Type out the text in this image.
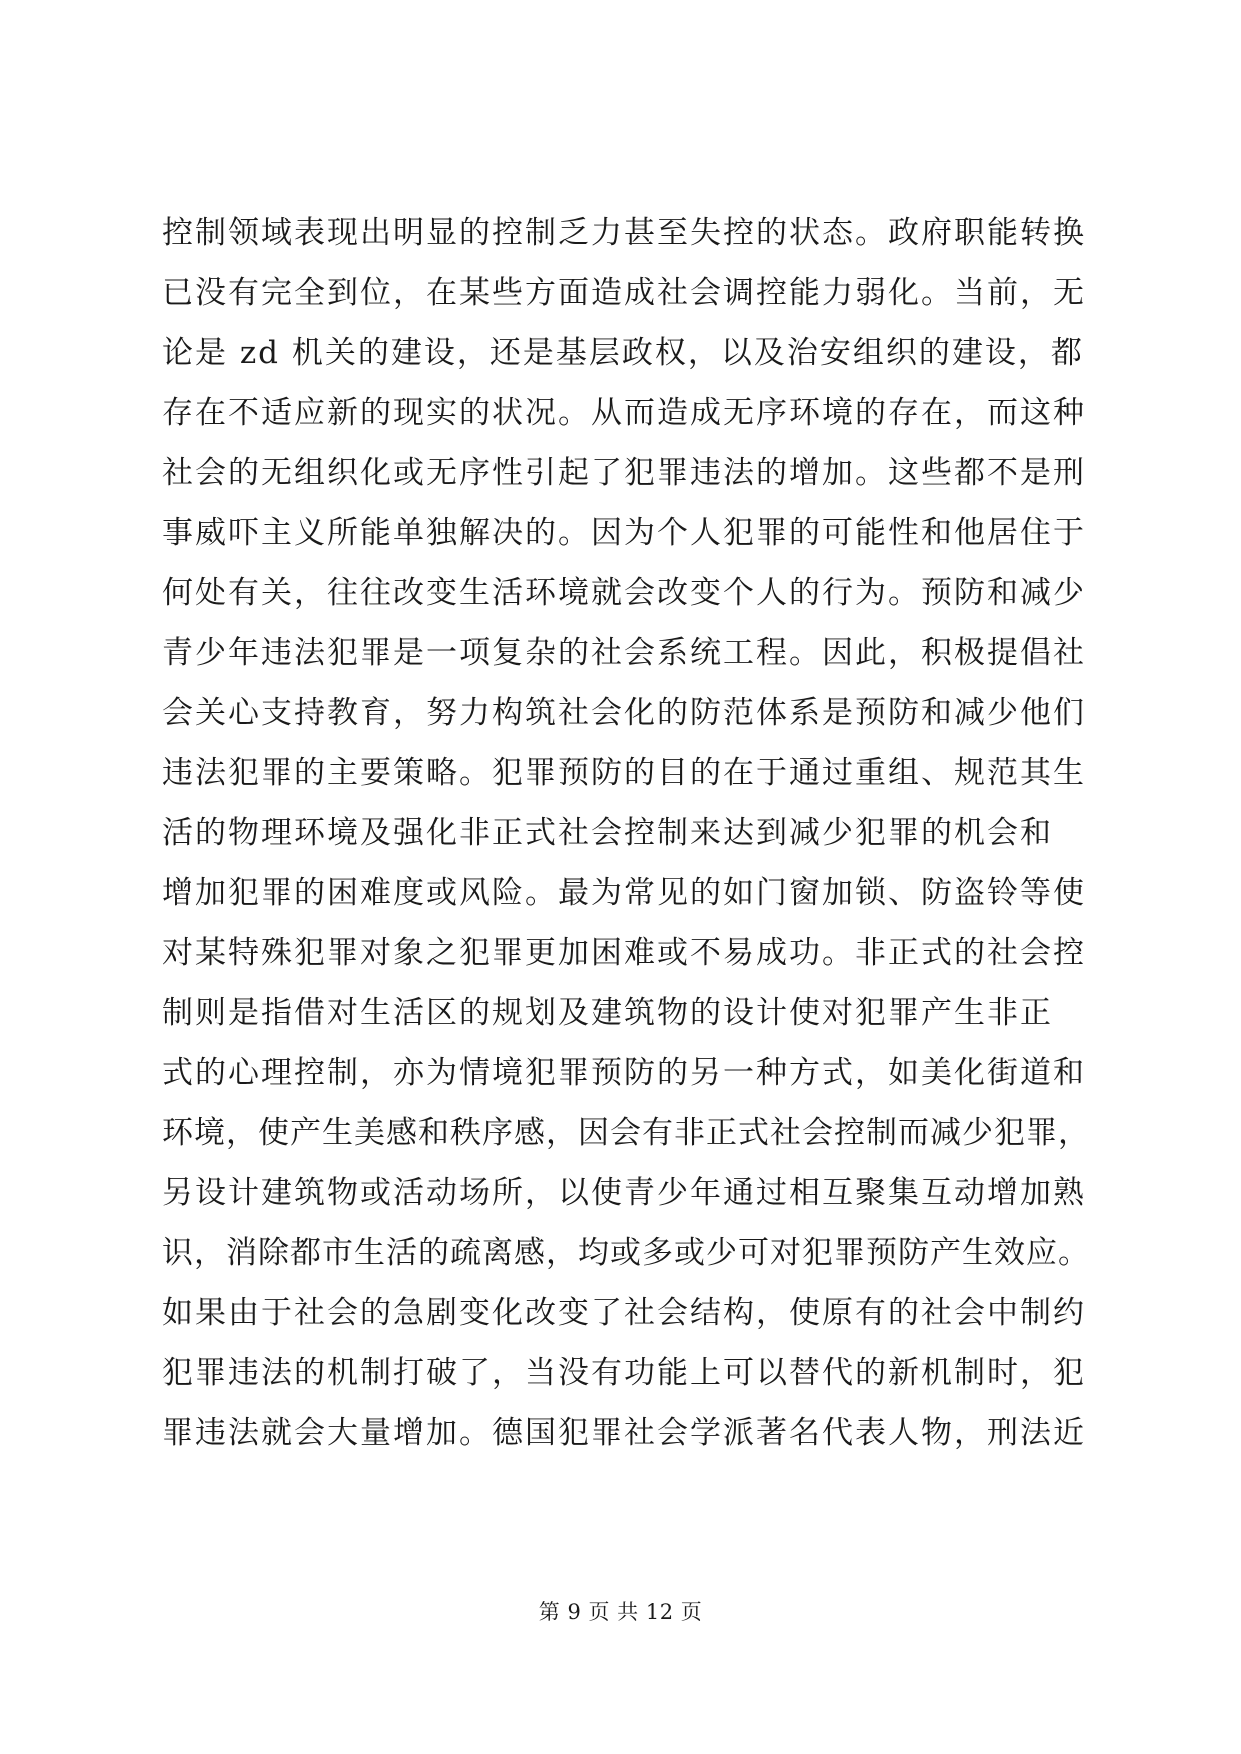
控制领域表现出明显的控制乏力甚至失控的状态。政府职能转换
已没有完全到位，在某些方面造成社会调控能力弱化。当前，无
论是 zd 机关的建设，还是基层政权，以及治安组织的建设，都
存在不适应新的现实的状况。从而造成无序环境的存在，而这种
社会的无组织化或无序性引起了犯罪违法的增加。这些都不是刑
事威吓主义所能单独解决的。因为个人犯罪的可能性和他居住于
何处有关，往往改变生活环境就会改变个人的行为。预防和减少
青少年违法犯罪是一项复杂的社会系统工程。因此，积极提倡社
会关心支持教育，努力构筑社会化的防范体系是预防和减少他们
违法犯罪的主要策略。犯罪预防的目的在于通过重组、规范其生
活的物理环境及强化非正式社会控制来达到减少犯罪的机会和
增加犯罪的困难度或风险。最为常见的如门窗加锁、防盗铃等使
对某特殊犯罪对象之犯罪更加困难或不易成功。非正式的社会控
制则是指借对生活区的规划及建筑物的设计使对犯罪产生非正
式的心理控制，亦为情境犯罪预防的另一种方式，如美化街道和
环境，使产生美感和秩序感，因会有非正式社会控制而减少犯罪，
另设计建筑物或活动场所，以使青少年通过相互聚集互动增加熟
识，消除都市生活的疏离感，均或多或少可对犯罪预防产生效应。
如果由于社会的急剧变化改变了社会结构，使原有的社会中制约
犯罪违法的机制打破了，当没有功能上可以替代的新机制时，犯
罪违法就会大量增加。德国犯罪社会学派著名代表人物，刑法近
第 9 页 共 12 页
